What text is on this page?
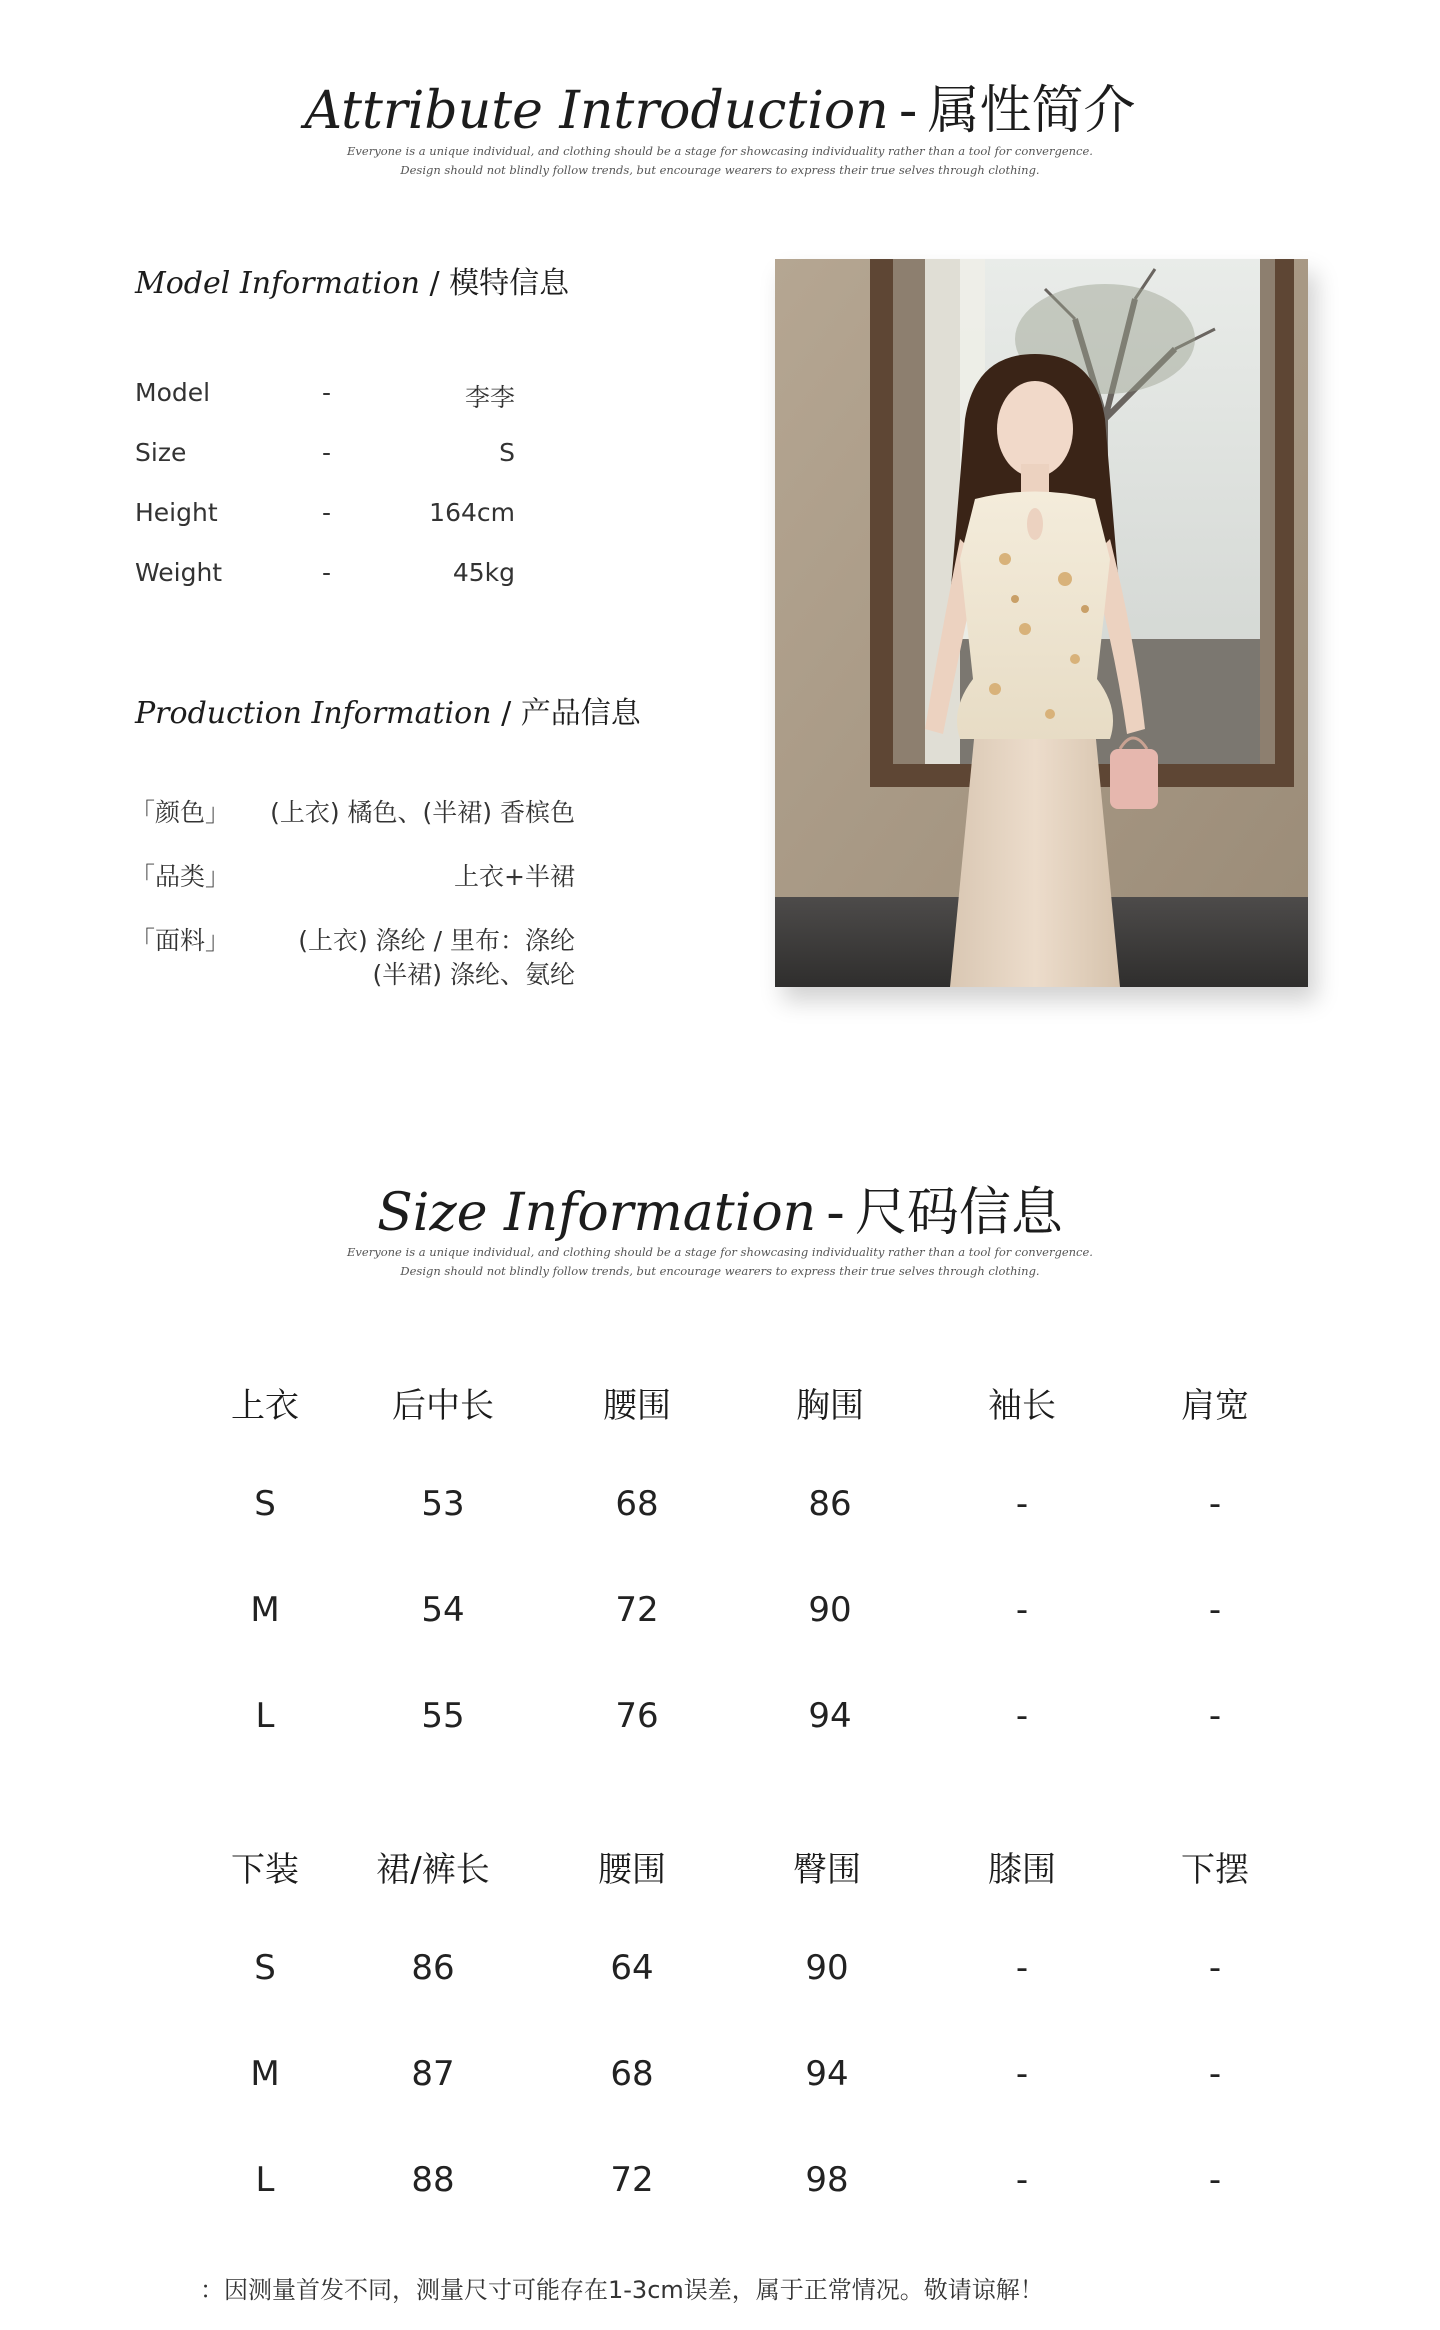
Attribute Introduction - 属性简介
Everyone is a unique individual, and clothing should be a stage for showcasing individuality rather than a tool for convergence.
Design should not blindly follow trends, but encourage wearers to express their true selves through clothing.
Model Information / 模特信息
Model	-	李李
Size	-	S
Height	-	164cm
Weight	-	45kg
Production Information / 产品信息
「颜色」 (上衣) 橘色、(半裙) 香槟色
「品类」	上衣+半裙
「面料」	(上衣) 涤纶 / 里布：涤纶
(半裙) 涤纶、氨纶
Size Information - 尺码信息
Everyone is a unique individual, and clothing should be a stage for showcasing individuality rather than a tool for convergence.
Design should not blindly follow trends, but encourage wearers to express their true selves through clothing.
上衣	后中长	腰围	胸围	袖长	肩宽
S	53	68	86	-	-
M	54	72	90	-	-
L	55	76	94	-	-
下装	裙/裤长	腰围	臀围	膝围	下摆
S	86	64	90	-	-
M	87	68	94	-	-
L	88	72	98	-	-
：因测量首发不同，测量尺寸可能存在1-3cm误差，属于正常情况。敬请谅解！
